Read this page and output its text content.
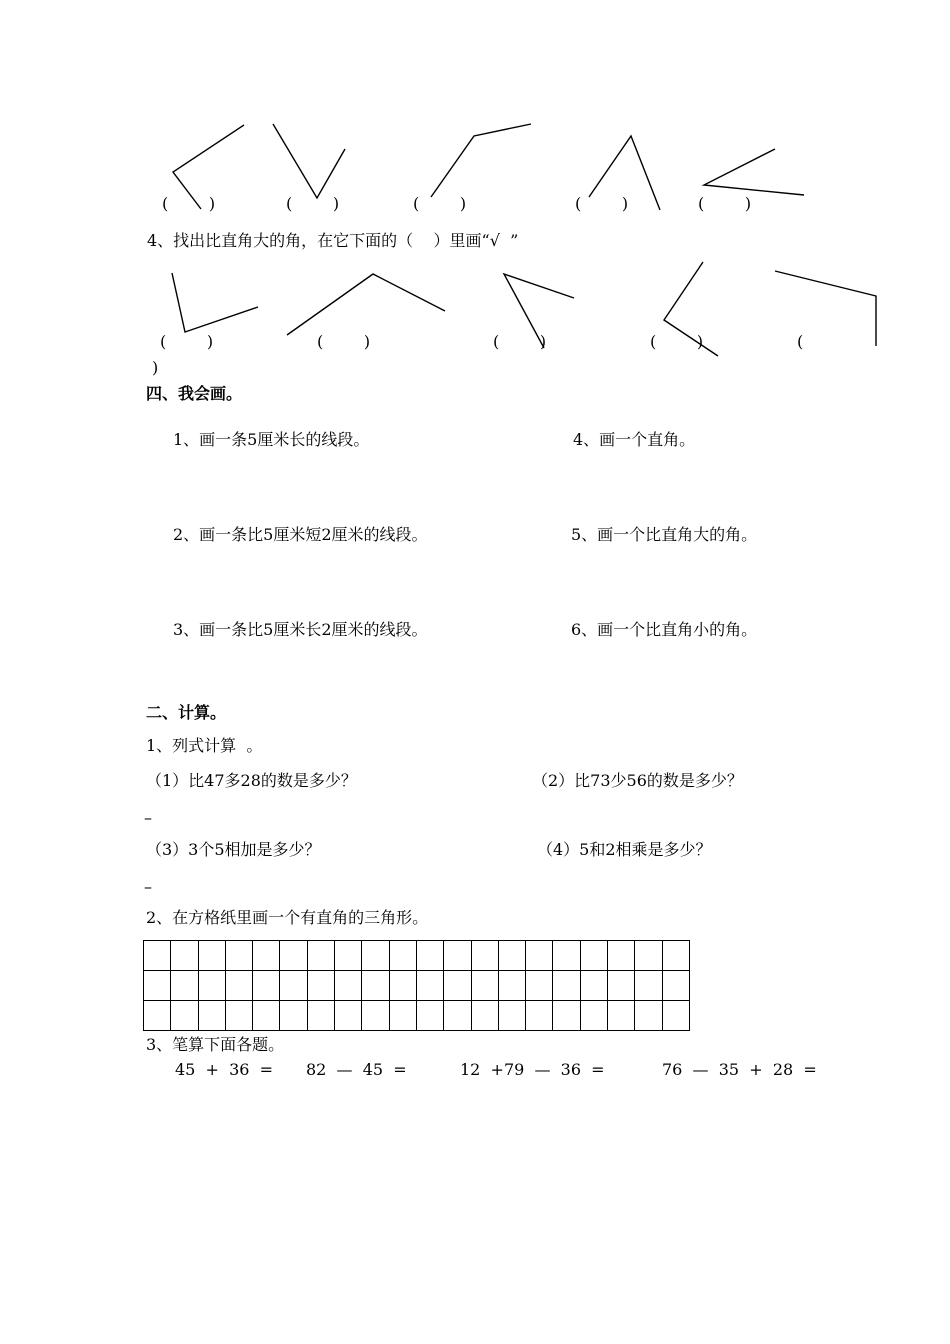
(        )	(        )	(        )	(        )	(        )
4、找出比直角大的角，在它下面的（    ）里画“√  ”
(        )	(        )	(        )	(        )	(
)
四、我会画。
1、画一条5厘米长的线段。	4、画一个直角。
2、画一条比5厘米短2厘米的线段。	5、画一个比直角大的角。
3、画一条比5厘米长2厘米的线段。	6、画一个比直角小的角。
二、计算。
1、列式计算  。
（1）比47多28的数是多少？	（2）比73少56的数是多少？
–
（3）3个5相加是多少？	（4）5和2相乘是多少？
–
2、在方格纸里画一个有直角的三角形。

3、笔算下面各题。
45  +  36  = 82  —  45  =	12  +79  —  36  =	76  —  35  +  28  =
